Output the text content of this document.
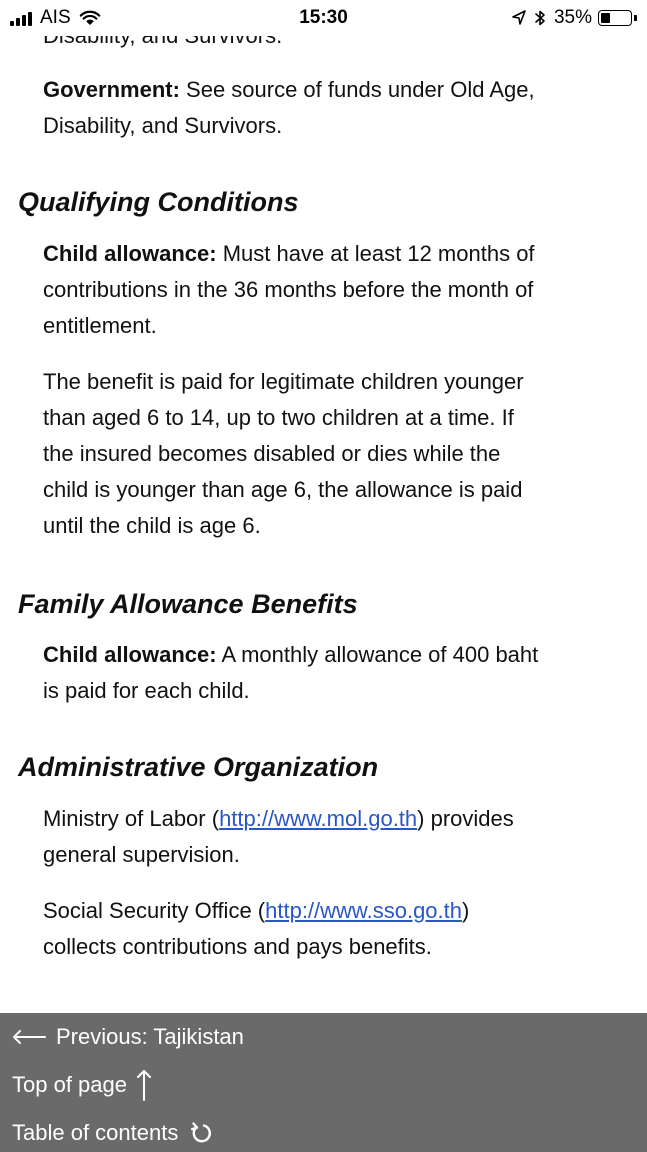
Government: See source of funds under Old Age,
Disability, and Survivors.

Qualifying Conditions

Child allowance: Must have at least 12 months of
contributions in the 36 months before the month of
entitlement.

The benefit is paid for legitimate children younger
than aged 6 to 14, up to two children at a time. If
the insured becomes disabled or dies while the
child is younger than age 6, the allowance is paid
until the child is age 6.

Family Allowance Benefits

Child allowance: A monthly allowance of 400 baht
is paid for each child.

Administrative Organization

Ministry of Labor (http://www.mol.go.th) provides
general supervision.

Social Security Office (http://www.sso.go.th)
collects contributions and pays benefits.

AIS	15:30	35%
Previous: Tajikistan
Top of page
Table of contents
